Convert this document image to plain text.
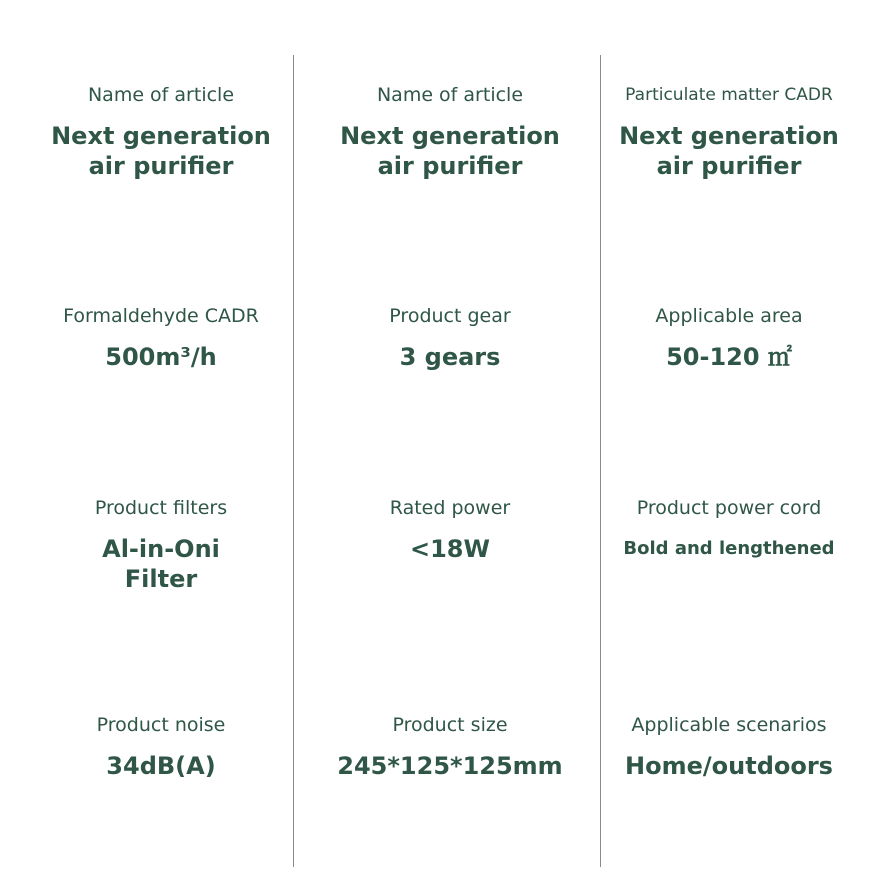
Name of article
Next generation
air purifier
Name of article
Next generation
air purifier
Particulate matter CADR
Next generation
air purifier
Formaldehyde CADR
500m³/h
Product gear
3 gears
Applicable area
50-120 ㎡
Product filters
Al-in-Oni
Filter
Rated power
<18W
Product power cord
Bold and lengthened
Product noise
34dB(A)
Product size
245*125*125mm
Applicable scenarios
Home/outdoors
